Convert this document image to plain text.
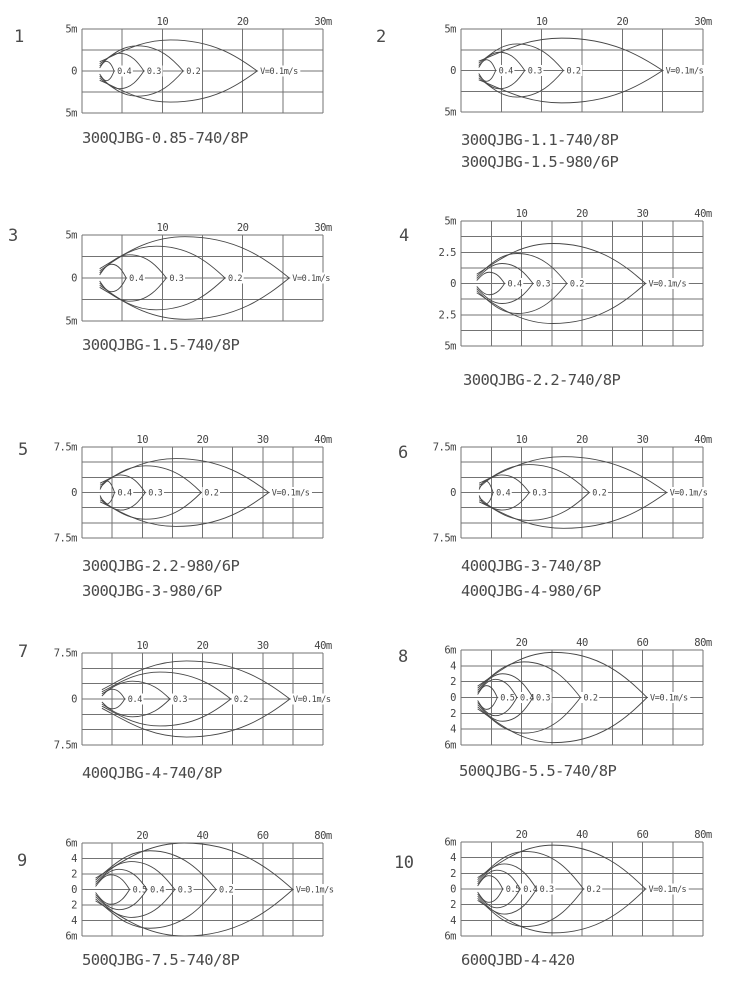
10	20	30m
5m
0
5m
0.4 0.3	0.2	V=0.1m/s
10	20	30m
5m
0
5m
0.4 0.3	0.2	V=0.1m/s
10	20	30m
5m
0
5m
0.4	0.3	0.2	V=0.1m/s
10	20	30	40m
5m
2.5
0
2.5
5m
0.4 0.3 0.2	V=0.1m/s
10	20	30	40m
7.5m
0
7.5m
0.4 0.3	0.2	V=0.1m/s
10	20	30	40m
7.5m
0
7.5m
0.4	0.3	0.2	V=0.1m/s
10	20	30	40m
7.5m
0
7.5m
0.4	0.3	0.2	V=0.1m/s
20	40	60	80m
6m
4
2
0
2
4
6m
0.5 0.4 0.3	0.2	V=0.1m/s
20	40	60	80m
6m
4
2
0
2
4
6m
0.5 0.4 0.3	0.2	V=0.1m/s
20	40	60	80m
6m
4
2
0
2
4
6m
0.5 0.4 0.3	0.2	V=0.1m/s
1
300QJBG-0.85-740/8P
2
300QJBG-1.1-740/8P
300QJBG-1.5-980/6P
3
300QJBG-1.5-740/8P
4
300QJBG-2.2-740/8P
5
300QJBG-2.2-980/6P
300QJBG-3-980/6P
6
400QJBG-3-740/8P
400QJBG-4-980/6P
7
400QJBG-4-740/8P
8
500QJBG-5.5-740/8P
9
500QJBG-7.5-740/8P
10
600QJBD-4-420
